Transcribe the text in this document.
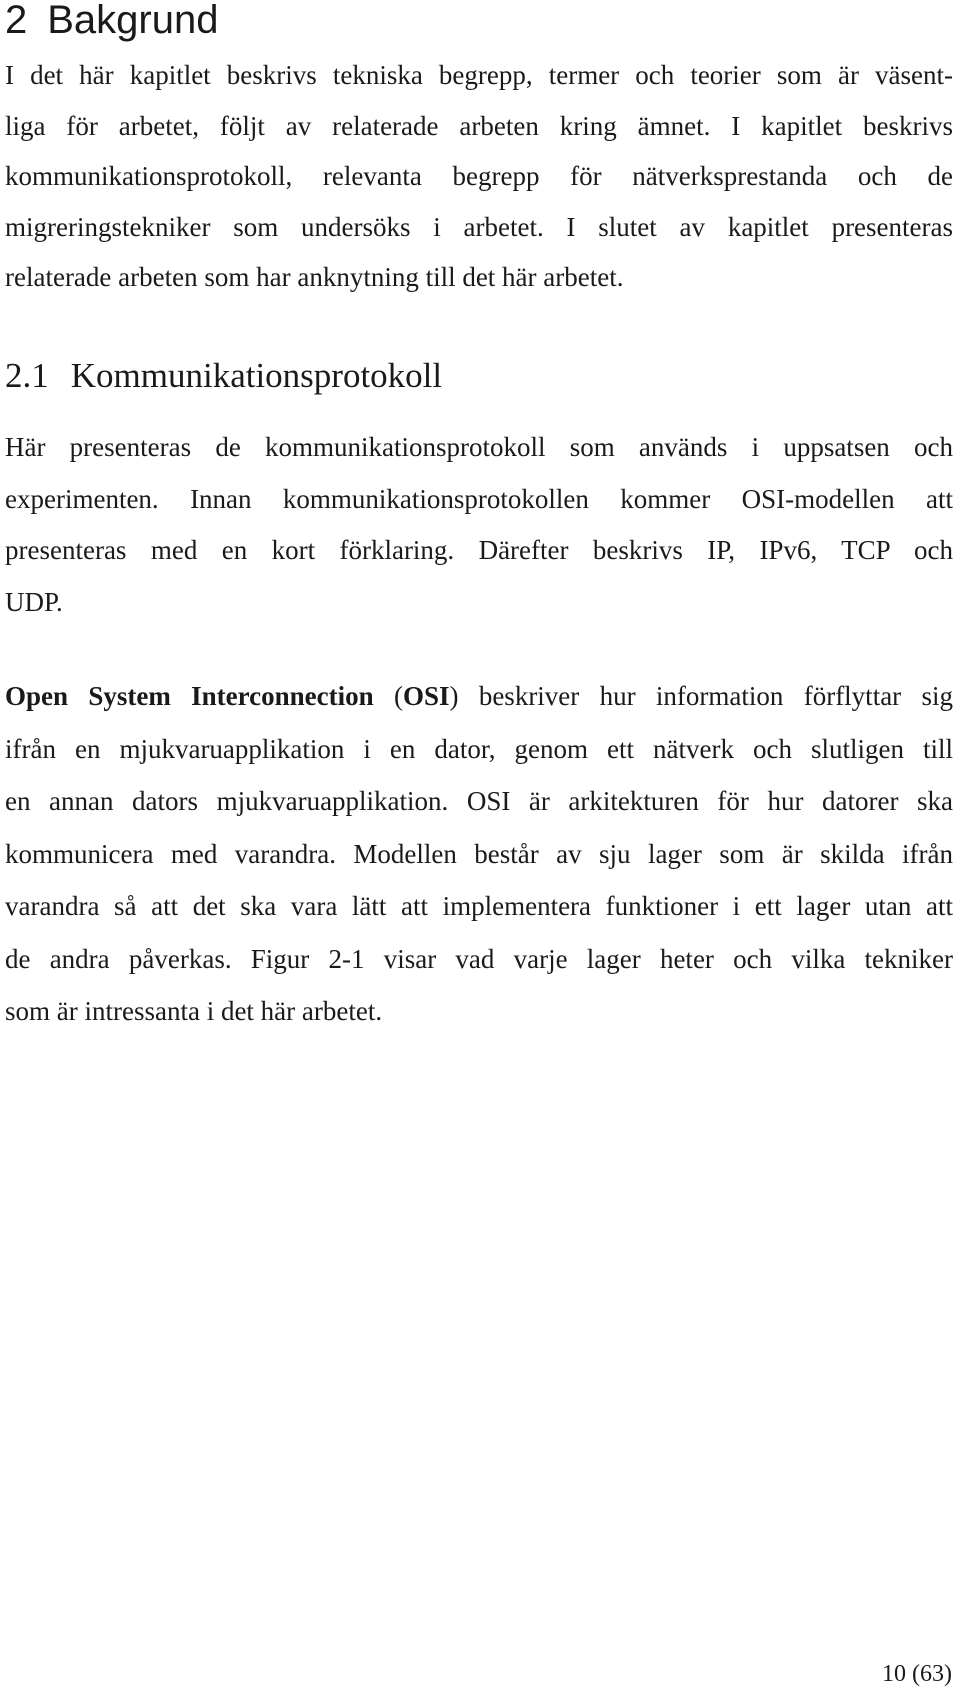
2 Bakgrund

I det här kapitlet beskrivs tekniska begrepp, termer och teorier som är väsent-
liga för arbetet, följt av relaterade arbeten kring ämnet. I kapitlet beskrivs
kommunikationsprotokoll, relevanta begrepp för nätverksprestanda och de
migreringstekniker som undersöks i arbetet. I slutet av kapitlet presenteras
relaterade arbeten som har anknytning till det här arbetet.

2.1 Kommunikationsprotokoll

Här presenteras de kommunikationsprotokoll som används i uppsatsen och
experimenten. Innan kommunikationsprotokollen kommer OSI-modellen att
presenteras med en kort förklaring. Därefter beskrivs IP, IPv6, TCP och
UDP.

Open System Interconnection (OSI) beskriver hur information förflyttar sig
ifrån en mjukvaruapplikation i en dator, genom ett nätverk och slutligen till
en annan dators mjukvaruapplikation. OSI är arkitekturen för hur datorer ska
kommunicera med varandra. Modellen består av sju lager som är skilda ifrån
varandra så att det ska vara lätt att implementera funktioner i ett lager utan att
de andra påverkas. Figur 2-1 visar vad varje lager heter och vilka tekniker
som är intressanta i det här arbetet.

10 (63)
